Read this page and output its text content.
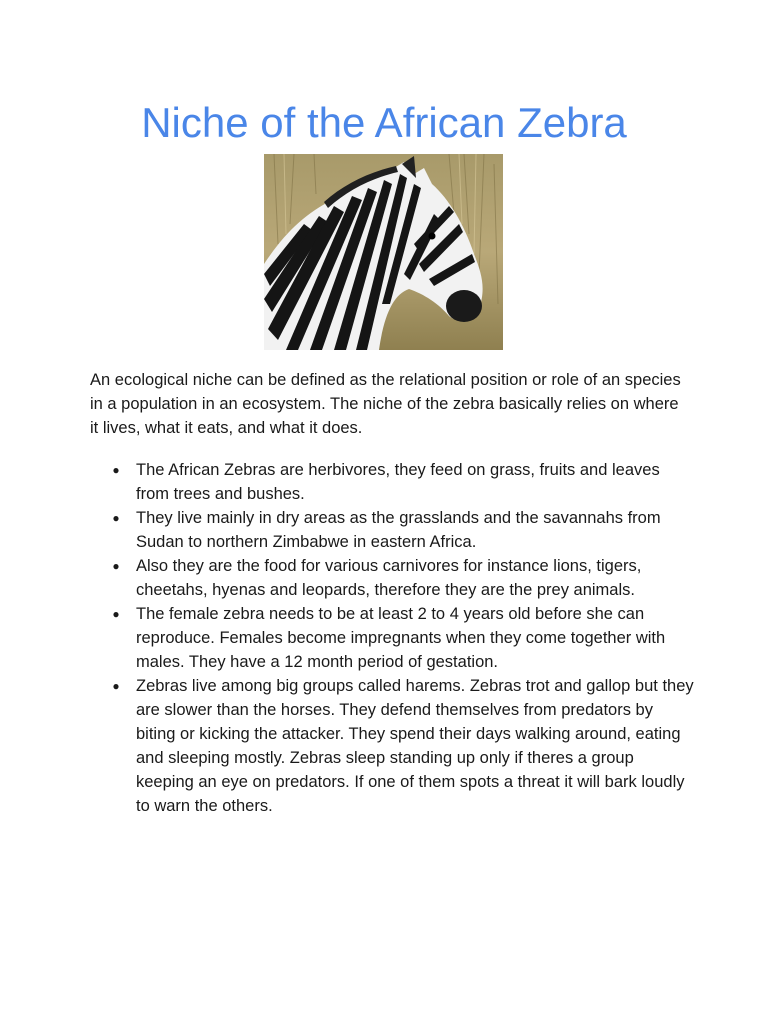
Niche of the African Zebra

An ecological niche can be defined as the relational position or role of an species in a population in an ecosystem. The niche of the zebra basically relies on where it lives, what it eats, and what it does.

● The African Zebras are herbivores, they feed on grass, fruits and leaves from trees and bushes.
● They live mainly in dry areas as the grasslands and the savannahs from Sudan to northern Zimbabwe in eastern Africa.
● Also they are the food for various carnivores for instance lions, tigers, cheetahs, hyenas and leopards, therefore they are the prey animals.
● The female zebra needs to be at least 2 to 4 years old before she can reproduce. Females become impregnants when they come together with males. They have a 12 month period of gestation.
● Zebras live among big groups called harems. Zebras trot and gallop but they are slower than the horses. They defend themselves from predators by biting or kicking the attacker. They spend their days walking around, eating and sleeping mostly. Zebras sleep standing up only if theres a group keeping an eye on predators. If one of them spots a threat it will bark loudly to warn the others.
